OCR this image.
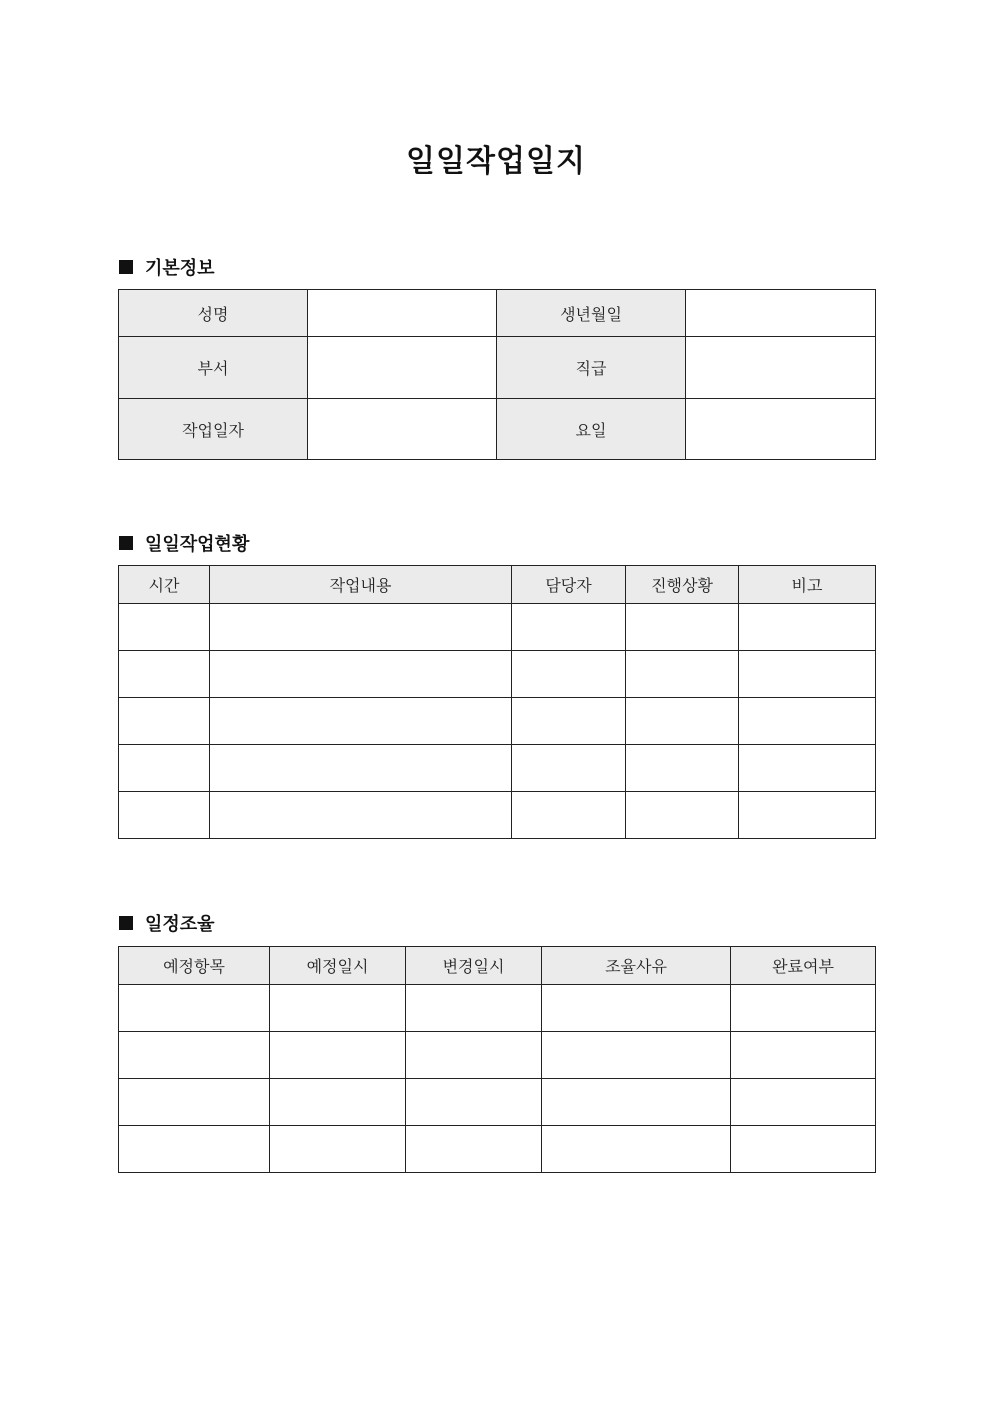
일일작업일지
기본정보
성명		생년월일	
부서		직급	
작업일자		요일	
일일작업현황
시간	작업내용	담당자	진행상황	비고

일정조율
예정항목	예정일시	변경일시	조율사유	완료여부
